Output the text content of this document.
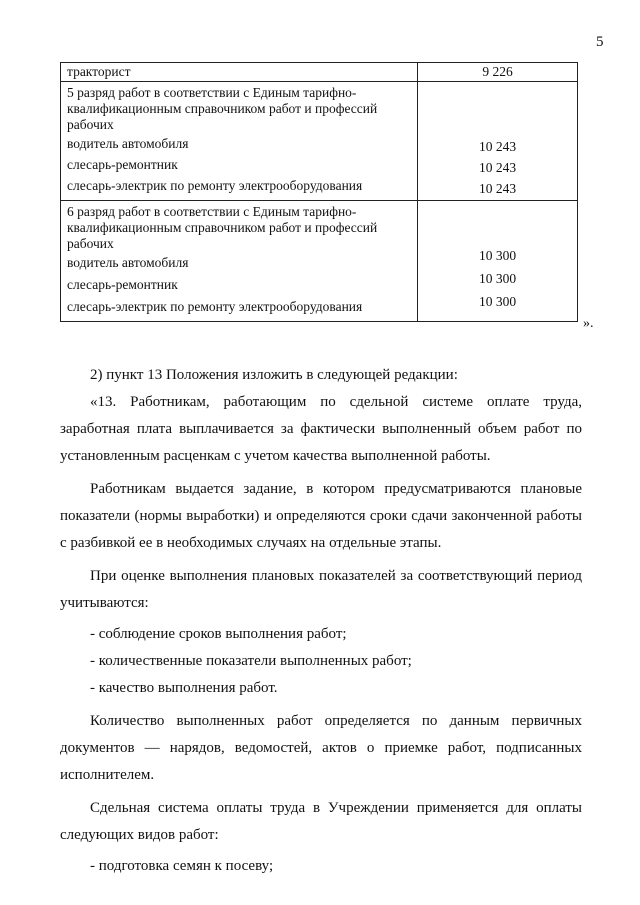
5
тракторист	9 226
5 разряд работ в соответствии с Единым тарифно-
квалификационным справочником работ и профессий
рабочих
водитель автомобиля
слесарь-ремонтник
слесарь-электрик по ремонту электрооборудования
10 243
10 243
10 243
6 разряд работ в соответствии с Единым тарифно-
квалификационным справочником работ и профессий
рабочих
водитель автомобиля
слесарь-ремонтник
слесарь-электрик по ремонту электрооборудования
10 300
10 300
10 300
».

2) пункт 13 Положения изложить в следующей редакции:

«13. Работникам, работающим по сдельной системе оплате труда, заработная плата выплачивается за фактически выполненный объем работ по установленным расценкам с учетом качества выполненной работы.

Работникам выдается задание, в котором предусматриваются плановые показатели (нормы выработки) и определяются сроки сдачи законченной работы с разбивкой ее в необходимых случаях на отдельные этапы.

При оценке выполнения плановых показателей за соответствующий период учитываются:

- соблюдение сроков выполнения работ;
- количественные показатели выполненных работ;
- качество выполнения работ.

Количество выполненных работ определяется по данным первичных документов — нарядов, ведомостей, актов о приемке работ, подписанных исполнителем.

Сдельная система оплаты труда в Учреждении применяется для оплаты следующих видов работ:

- подготовка семян к посеву;
